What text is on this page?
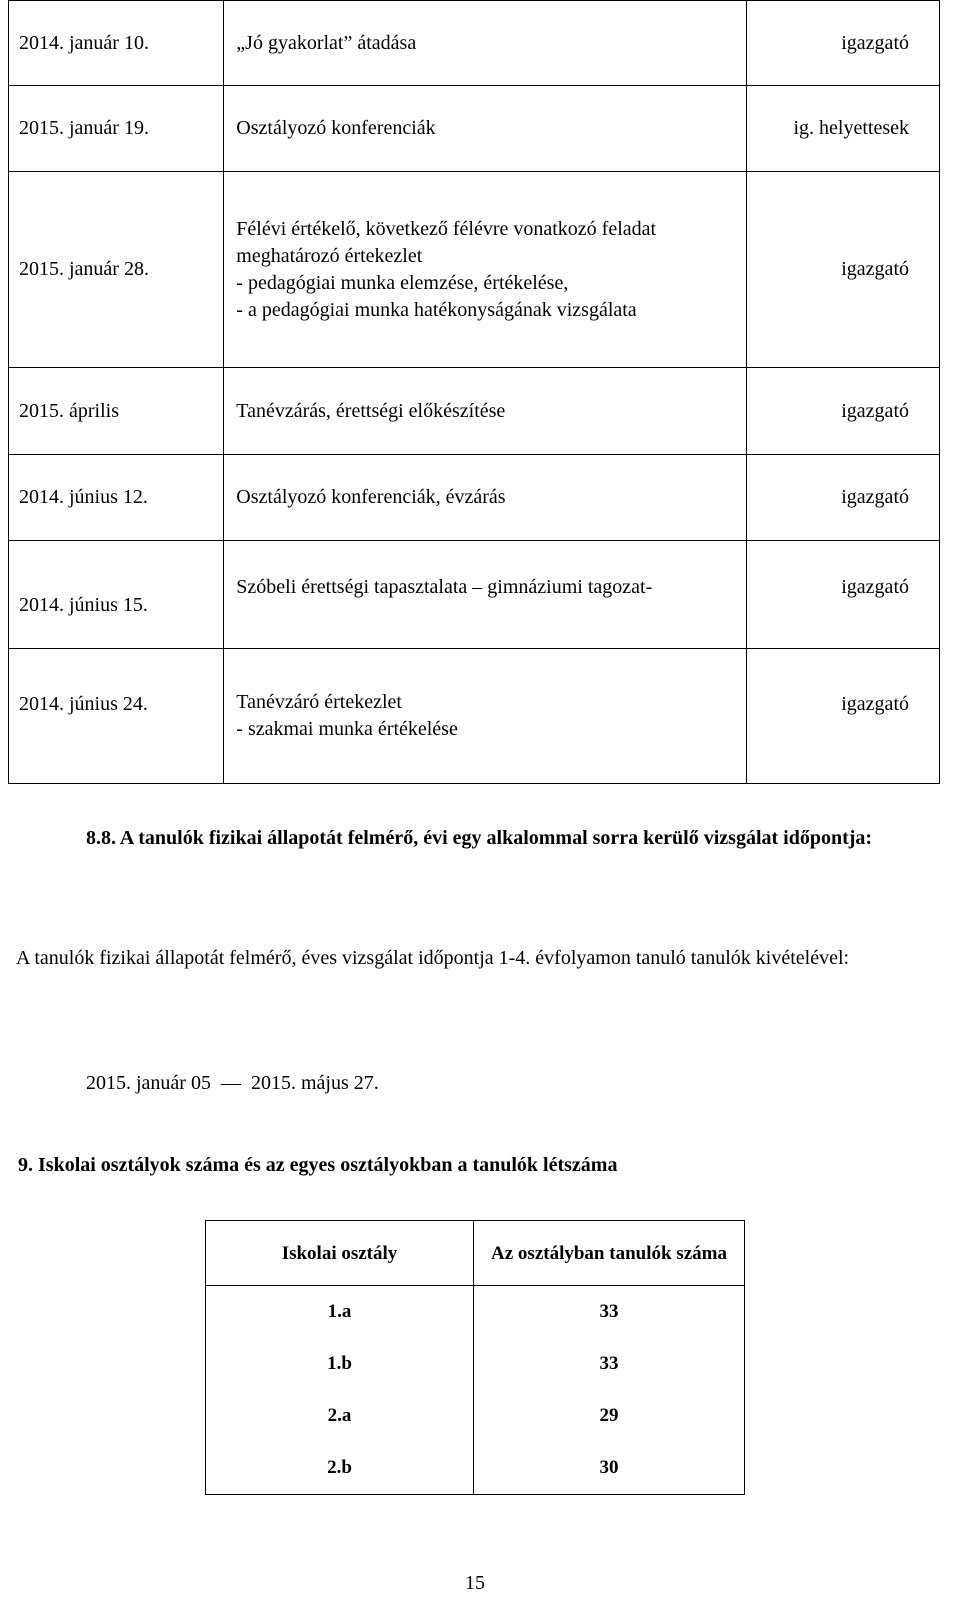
2014. január 10.	„Jó gyakorlat” átadása	igazgató
2015. január 19.	Osztályozó konferenciák	ig. helyettesek
2015. január 28.	Félévi értékelő, következő félévre vonatkozó feladat
meghatározó értekezlet
- pedagógiai munka elemzése, értékelése,
- a pedagógiai munka hatékonyságának vizsgálata	igazgató
2015. április	Tanévzárás, érettségi előkészítése	igazgató
2014. június 12.	Osztályozó konferenciák, évzárás	igazgató
2014. június 15.	Szóbeli érettségi tapasztalata – gimnáziumi tagozat-	igazgató
2014. június 24.	Tanévzáró értekezlet
- szakmai munka értékelése	igazgató
8.8. A tanulók fizikai állapotát felmérő, évi egy alkalommal sorra kerülő vizsgálat időpontja:
A tanulók fizikai állapotát felmérő, éves vizsgálat időpontja 1-4. évfolyamon tanuló tanulók kivételével:
2015. január 05 — 2015. május 27.
9. Iskolai osztályok száma és az egyes osztályokban a tanulók létszáma
Iskolai osztály	Az osztályban tanulók száma
1.a	33
1.b	33
2.a	29
2.b	30
15
